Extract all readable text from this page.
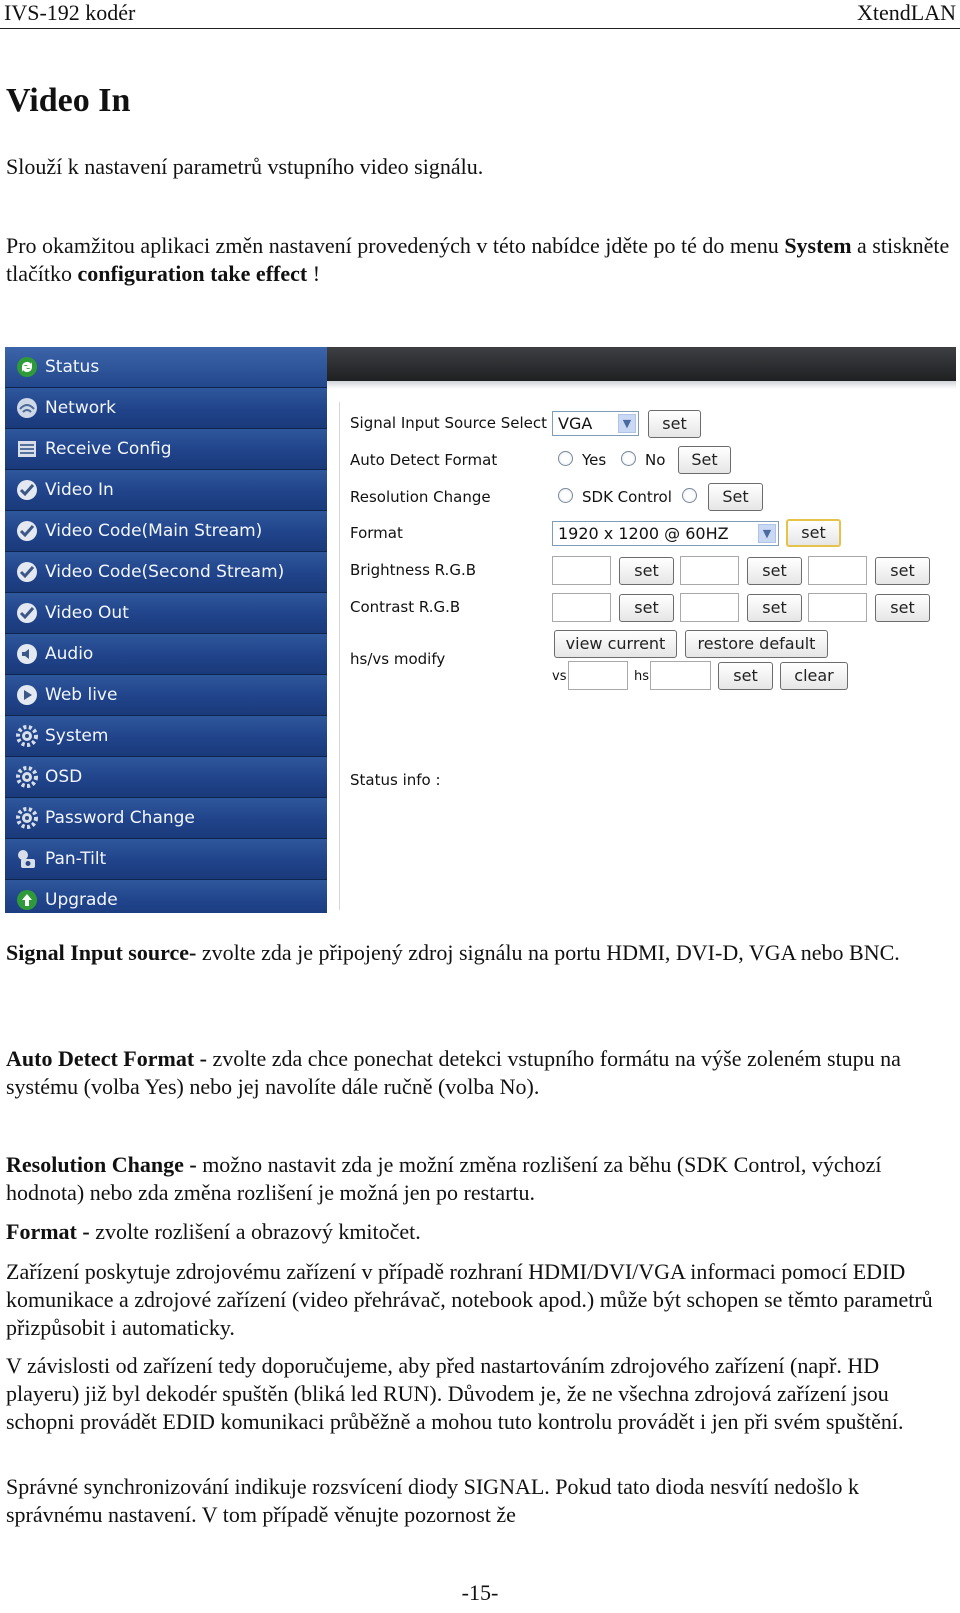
IVS-192 kodér	XtendLAN
Video In

Slouží k nastavení parametrů vstupního video signálu.

Pro okamžitou aplikaci změn nastavení provedených v této nabídce jděte po té do menu System a stiskněte tlačítko configuration take effect !

Status
Network
Receive Config
Video In
Video Code(Main Stream)
Video Code(Second Stream)
Video Out
Audio
Web live
System
OSD
Password Change
Pan-Tilt
Upgrade
Signal Input Source Select VGA	▼	set
Auto Detect Format	Yes	No	Set
Resolution Change	SDK Control	Set
Format	1920 x 1200 @ 60HZ	▼	set
Brightness R.G.B	set	set	set
Contrast R.G.B	set	set	set
view current	restore default
hs/vs modify
vs	hs	set	clear
Status info :

Signal Input source- zvolte zda je připojený zdroj signálu na portu HDMI, DVI-D, VGA nebo BNC.

Auto Detect Format - zvolte zda chce ponechat detekci vstupního formátu na výše zoleném stupu na systému (volba Yes) nebo jej navolíte dále ručně (volba No).

Resolution Change - možno nastavit zda je možní změna rozlišení za běhu (SDK Control, výchozí hodnota) nebo zda změna rozlišení je možná jen po restartu.

Format - zvolte rozlišení a obrazový kmitočet.

Zařízení poskytuje zdrojovému zařízení v případě rozhraní HDMI/DVI/VGA informaci pomocí EDID komunikace a zdrojové zařízení (video přehrávač, notebook apod.) může být schopen se těmto parametrů přizpůsobit i automaticky.

V závislosti od zařízení tedy doporučujeme, aby před nastartováním zdrojového zařízení (např. HD playeru) již byl dekodér spuštěn (bliká led RUN). Důvodem je, že ne všechna zdrojová zařízení jsou schopni provádět EDID komunikaci průběžně a mohou tuto kontrolu provádět i jen při svém spuštění.

Správné synchronizování indikuje rozsvícení diody SIGNAL. Pokud tato dioda nesvítí nedošlo k správnému nastavení. V tom případě věnujte pozornost že

-15-
